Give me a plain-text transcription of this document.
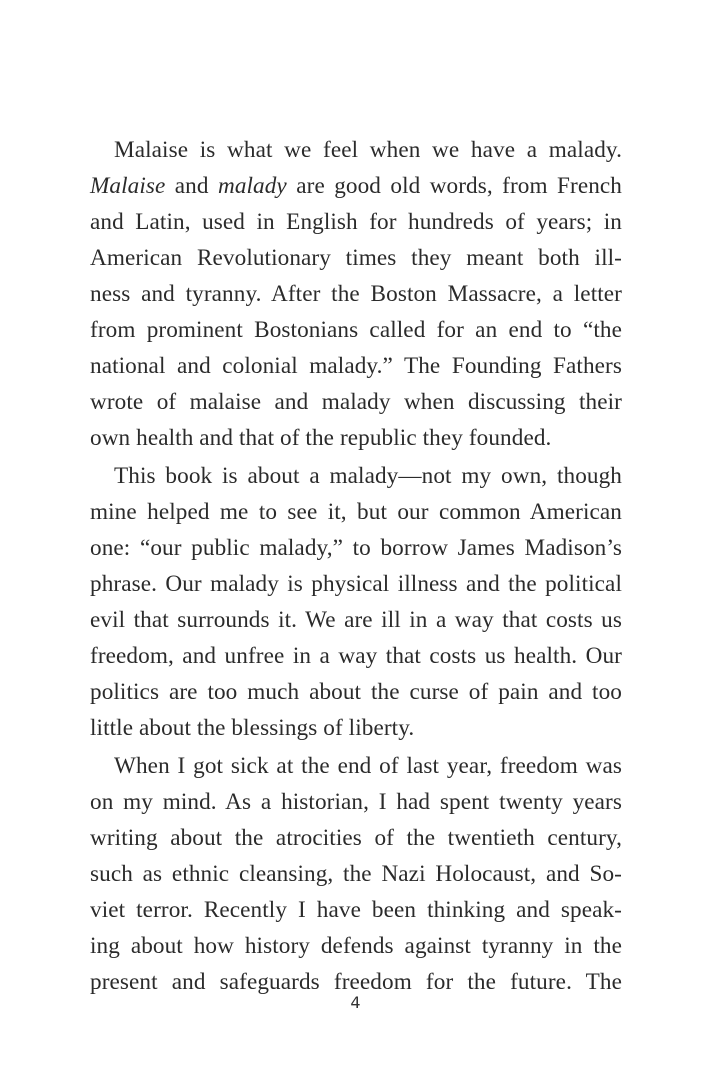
Malaise is what we feel when we have a malady.
Malaise and malady are good old words, from French
and Latin, used in English for hundreds of years; in
American Revolutionary times they meant both ill-
ness and tyranny. After the Boston Massacre, a letter
from prominent Bostonians called for an end to “the
national and colonial malady.” The Founding Fathers
wrote of malaise and malady when discussing their
own health and that of the republic they founded.
This book is about a malady—not my own, though
mine helped me to see it, but our common American
one: “our public malady,” to borrow James Madison’s
phrase. Our malady is physical illness and the political
evil that surrounds it. We are ill in a way that costs us
freedom, and unfree in a way that costs us health. Our
politics are too much about the curse of pain and too
little about the blessings of liberty.
When I got sick at the end of last year, freedom was
on my mind. As a historian, I had spent twenty years
writing about the atrocities of the twentieth century,
such as ethnic cleansing, the Nazi Holocaust, and So-
viet terror. Recently I have been thinking and speak-
ing about how history defends against tyranny in the
present and safeguards freedom for the future. The
4
